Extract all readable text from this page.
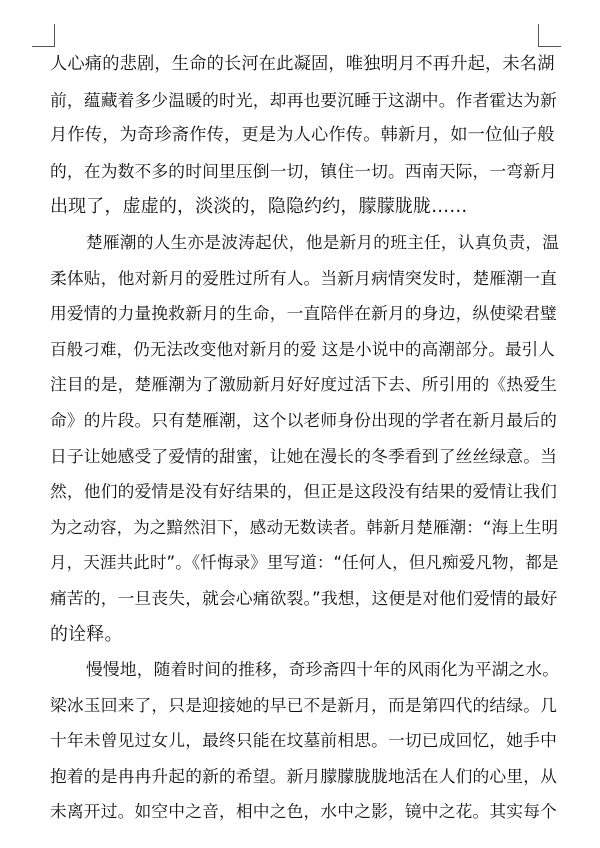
人心痛的悲剧，生命的长河在此凝固，唯独明月不再升起，未名湖
前，蕴藏着多少温暖的时光，却再也要沉睡于这湖中。作者霍达为新
月作传，为奇珍斋作传，更是为人心作传。韩新月，如一位仙子般
的，在为数不多的时间里压倒一切，镇住一切。西南天际，一弯新月
出现了，虚虚的，淡淡的，隐隐约约，朦朦胧胧……
楚雁潮的人生亦是波涛起伏，他是新月的班主任，认真负责，温
柔体贴，他对新月的爱胜过所有人。当新月病情突发时，楚雁潮一直
用爱情的力量挽救新月的生命，一直陪伴在新月的身边，纵使梁君璧
百般刁难，仍无法改变他对新月的爱 这是小说中的高潮部分。最引人
注目的是，楚雁潮为了激励新月好好度过活下去、所引用的《热爱生
命》的片段。只有楚雁潮，这个以老师身份出现的学者在新月最后的
日子让她感受了爱情的甜蜜，让她在漫长的冬季看到了丝丝绿意。当
然，他们的爱情是没有好结果的，但正是这段没有结果的爱情让我们
为之动容，为之黯然泪下，感动无数读者。韩新月楚雁潮：“海上生明
月，天涯共此时”。《忏悔录》里写道：“任何人，但凡痴爱凡物，都是
痛苦的，一旦丧失，就会心痛欲裂。”我想，这便是对他们爱情的最好
的诠释。
慢慢地，随着时间的推移，奇珍斋四十年的风雨化为平湖之水。
梁冰玉回来了，只是迎接她的早已不是新月，而是第四代的结绿。几
十年未曾见过女儿，最终只能在坟墓前相思。一切已成回忆，她手中
抱着的是冉冉升起的新的希望。新月朦朦胧胧地活在人们的心里，从
未离开过。如空中之音，相中之色，水中之影，镜中之花。其实每个
